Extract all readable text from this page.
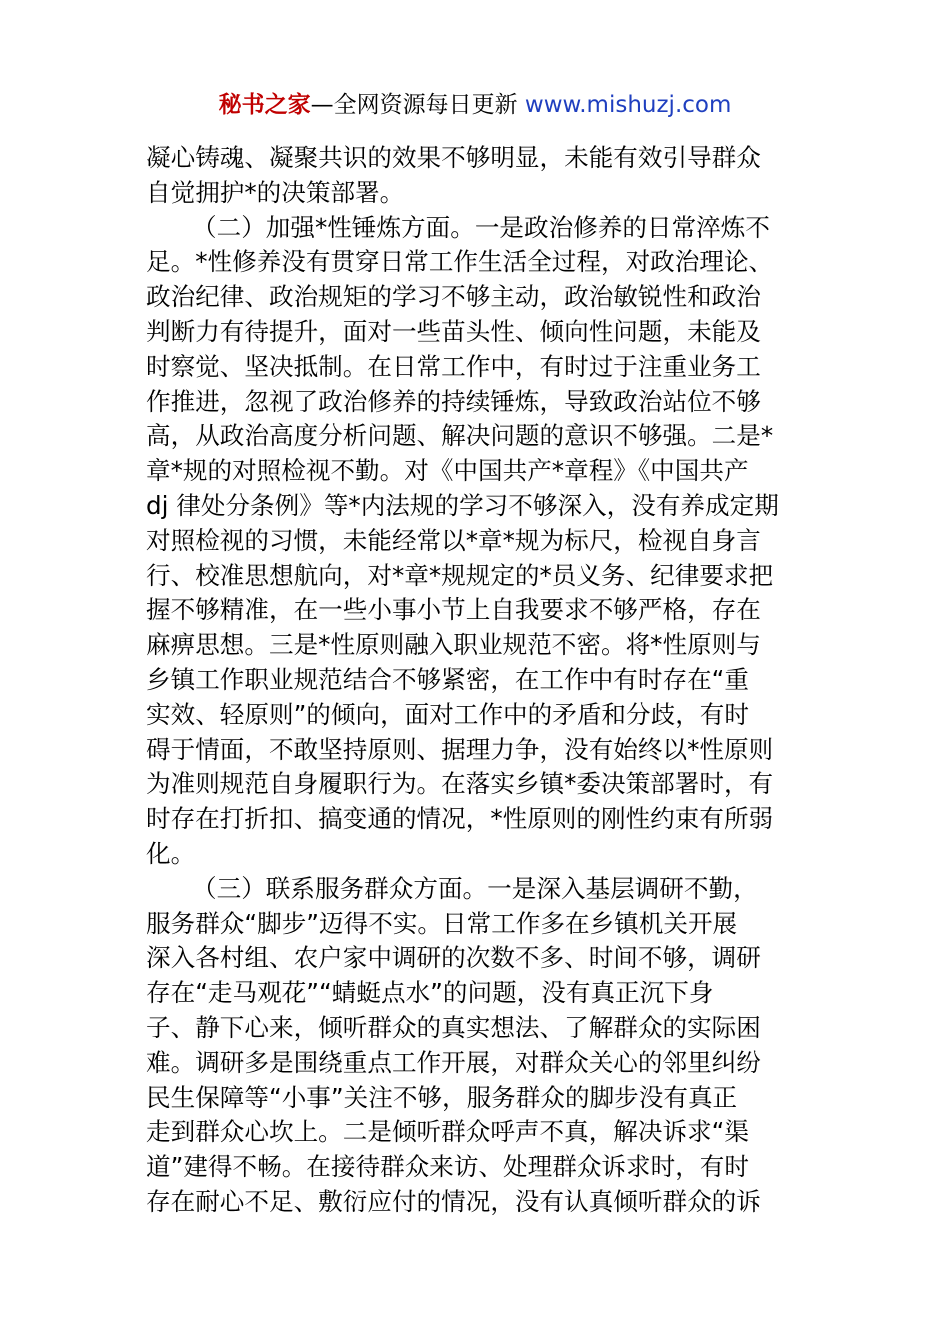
秘书之家—全网资源每日更新 www.mishuzj.com
凝心铸魂、凝聚共识的效果不够明显，未能有效引导群众
自觉拥护*的决策部署。
（二）加强*性锤炼方面。一是政治修养的日常淬炼不
足。*性修养没有贯穿日常工作生活全过程，对政治理论、
政治纪律、政治规矩的学习不够主动，政治敏锐性和政治
判断力有待提升，面对一些苗头性、倾向性问题，未能及
时察觉、坚决抵制。在日常工作中，有时过于注重业务工
作推进，忽视了政治修养的持续锤炼，导致政治站位不够
高，从政治高度分析问题、解决问题的意识不够强。二是*
章*规的对照检视不勤。对《中国共产*章程》《中国共产
dj 律处分条例》等*内法规的学习不够深入，没有养成定期
对照检视的习惯，未能经常以*章*规为标尺，检视自身言
行、校准思想航向，对*章*规规定的*员义务、纪律要求把
握不够精准，在一些小事小节上自我要求不够严格，存在
麻痹思想。三是*性原则融入职业规范不密。将*性原则与
乡镇工作职业规范结合不够紧密，在工作中有时存在“重
实效、轻原则”的倾向，面对工作中的矛盾和分歧，有时
碍于情面，不敢坚持原则、据理力争，没有始终以*性原则
为准则规范自身履职行为。在落实乡镇*委决策部署时，有
时存在打折扣、搞变通的情况，*性原则的刚性约束有所弱
化。
（三）联系服务群众方面。一是深入基层调研不勤，
服务群众“脚步”迈得不实。日常工作多在乡镇机关开展
深入各村组、农户家中调研的次数不多、时间不够，调研
存在“走马观花”“蜻蜓点水”的问题，没有真正沉下身
子、静下心来，倾听群众的真实想法、了解群众的实际困
难。调研多是围绕重点工作开展，对群众关心的邻里纠纷
民生保障等“小事”关注不够，服务群众的脚步没有真正
走到群众心坎上。二是倾听群众呼声不真，解决诉求“渠
道”建得不畅。在接待群众来访、处理群众诉求时，有时
存在耐心不足、敷衍应付的情况，没有认真倾听群众的诉
